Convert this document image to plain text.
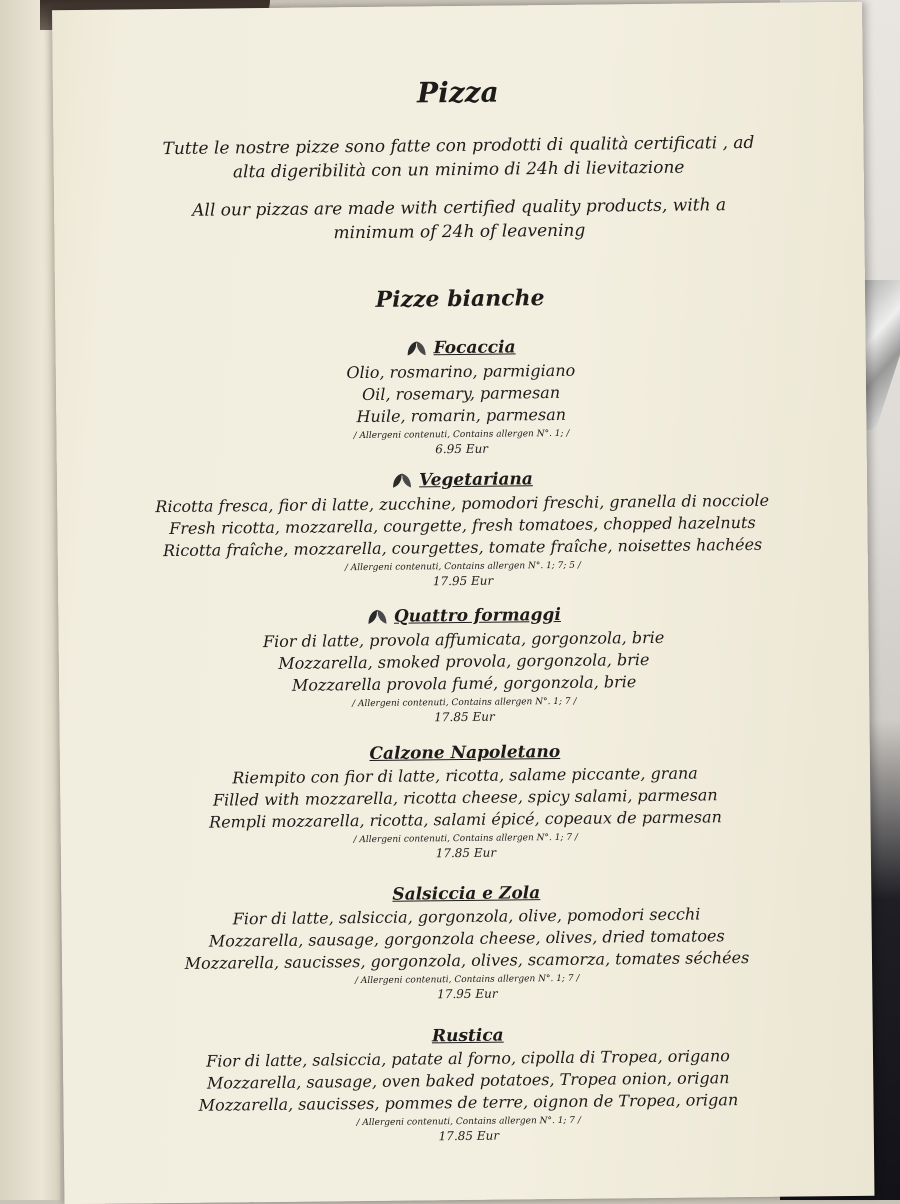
Pizza
Tutte le nostre pizze sono fatte con prodotti di qualità certificati , ad alta digeribilità con un minimo di 24h di lievitazione
All our pizzas are made with certified quality products, with a minimum of 24h of leavening
Pizze bianche
Focaccia
Olio, rosmarino, parmigiano
Oil, rosemary, parmesan
Huile, romarin, parmesan
/ Allergeni contenuti, Contains allergen N°. 1; /
6.95 Eur
Vegetariana
Ricotta fresca, fior di latte, zucchine, pomodori freschi, granella di nocciole
Fresh ricotta, mozzarella, courgette, fresh tomatoes, chopped hazelnuts
Ricotta fraîche, mozzarella, courgettes, tomate fraîche, noisettes hachées
/ Allergeni contenuti, Contains allergen N°. 1; 7; 5 /
17.95 Eur
Quattro formaggi
Fior di latte, provola affumicata, gorgonzola, brie
Mozzarella, smoked provola, gorgonzola, brie
Mozzarella provola fumé, gorgonzola, brie
/ Allergeni contenuti, Contains allergen N°. 1; 7 /
17.85 Eur
Calzone Napoletano
Riempito con fior di latte, ricotta, salame piccante, grana
Filled with mozzarella, ricotta cheese, spicy salami, parmesan
Rempli mozzarella, ricotta, salami épicé, copeaux de parmesan
/ Allergeni contenuti, Contains allergen N°. 1; 7 /
17.85 Eur
Salsiccia e Zola
Fior di latte, salsiccia, gorgonzola, olive, pomodori secchi
Mozzarella, sausage, gorgonzola cheese, olives, dried tomatoes
Mozzarella, saucisses, gorgonzola, olives, scamorza, tomates séchées
/ Allergeni contenuti, Contains allergen N°. 1; 7 /
17.95 Eur
Rustica
Fior di latte, salsiccia, patate al forno, cipolla di Tropea, origano
Mozzarella, sausage, oven baked potatoes, Tropea onion, origan
Mozzarella, saucisses, pommes de terre, oignon de Tropea, origan
/ Allergeni contenuti, Contains allergen N°. 1; 7 /
17.85 Eur
